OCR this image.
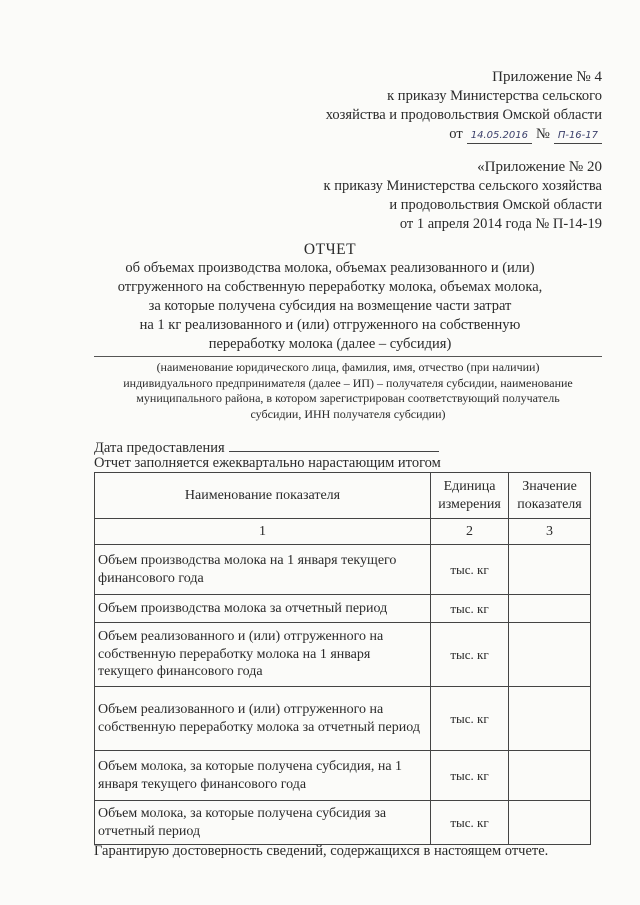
Приложение № 4
к приказу Министерства сельского
хозяйства и продовольствия Омской области
от 14.05.2016 № П-16-17
«Приложение № 20
к приказу Министерства сельского хозяйства
и продовольствия Омской области
от 1 апреля 2014 года № П-14-19
ОТЧЕТ
об объемах производства молока, объемах реализованного и (или)
отгруженного на собственную переработку молока, объемах молока,
за которые получена субсидия на возмещение части затрат
на 1 кг реализованного и (или) отгруженного на собственную
переработку молока (далее – субсидия)
(наименование юридического лица, фамилия, имя, отчество (при наличии)
индивидуального предпринимателя (далее – ИП) – получателя субсидии, наименование
муниципального района, в котором зарегистрирован соответствующий получатель
субсидии, ИНН получателя субсидии)
Дата предоставления
Отчет заполняется ежеквартально нарастающим итогом
Наименование показателя	Единица измерения	Значение показателя
1	2	3
Объем производства молока на 1 января текущего финансового года	тыс. кг	
Объем производства молока за отчетный период	тыс. кг	
Объем реализованного и (или) отгруженного на собственную переработку молока на 1 января текущего финансового года	тыс. кг	
Объем реализованного и (или) отгруженного на собственную переработку молока за отчетный период	тыс. кг	
Объем молока, за которые получена субсидия, на 1 января текущего финансового года	тыс. кг	
Объем молока, за которые получена субсидия за отчетный период	тыс. кг	
Гарантирую достоверность сведений, содержащихся в настоящем отчете.
